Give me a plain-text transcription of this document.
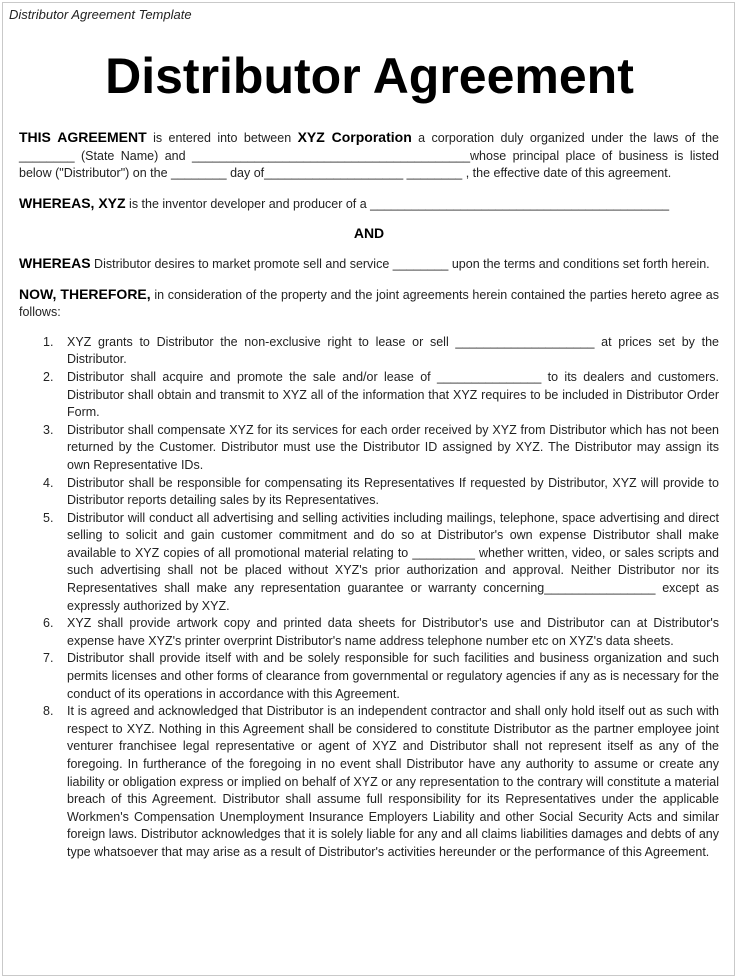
Distributor Agreement Template
Distributor Agreement

THIS AGREEMENT is entered into between XYZ Corporation a corporation duly organized under the laws of the ________ (State Name) and ________________________________________whose principal place of business is listed below ("Distributor") on the ________ day of____________________ ________ , the effective date of this agreement.

WHEREAS, XYZ is the inventor developer and producer of a ___________________________________________

AND

WHEREAS Distributor desires to market promote sell and service ________ upon the terms and conditions set forth herein.

NOW, THEREFORE, in consideration of the property and the joint agreements herein contained the parties hereto agree as follows:

1. XYZ grants to Distributor the non-exclusive right to lease or sell ____________________ at prices set by the Distributor.

2. Distributor shall acquire and promote the sale and/or lease of _______________ to its dealers and customers. Distributor shall obtain and transmit to XYZ all of the information that XYZ requires to be included in Distributor Order Form.

3. Distributor shall compensate XYZ for its services for each order received by XYZ from Distributor which has not been returned by the Customer. Distributor must use the Distributor ID assigned by XYZ. The Distributor may assign its own Representative IDs.

4. Distributor shall be responsible for compensating its Representatives If requested by Distributor, XYZ will provide to Distributor reports detailing sales by its Representatives.

5. Distributor will conduct all advertising and selling activities including mailings, telephone, space advertising and direct selling to solicit and gain customer commitment and do so at Distributor's own expense Distributor shall make available to XYZ copies of all promotional material relating to _________ whether written, video, or sales scripts and such advertising shall not be placed without XYZ's prior authorization and approval. Neither Distributor nor its Representatives shall make any representation guarantee or warranty concerning________________ except as expressly authorized by XYZ.

6. XYZ shall provide artwork copy and printed data sheets for Distributor's use and Distributor can at Distributor's expense have XYZ's printer overprint Distributor's name address telephone number etc on XYZ's data sheets.

7. Distributor shall provide itself with and be solely responsible for such facilities and business organization and such permits licenses and other forms of clearance from governmental or regulatory agencies if any as is necessary for the conduct of its operations in accordance with this Agreement.

8. It is agreed and acknowledged that Distributor is an independent contractor and shall only hold itself out as such with respect to XYZ. Nothing in this Agreement shall be considered to constitute Distributor as the partner employee joint venturer franchisee legal representative or agent of XYZ and Distributor shall not represent itself as any of the foregoing. In furtherance of the foregoing in no event shall Distributor have any authority to assume or create any liability or obligation express or implied on behalf of XYZ or any representation to the contrary will constitute a material breach of this Agreement. Distributor shall assume full responsibility for its Representatives under the applicable Workmen's Compensation Unemployment Insurance Employers Liability and other Social Security Acts and similar foreign laws. Distributor acknowledges that it is solely liable for any and all claims liabilities damages and debts of any type whatsoever that may arise as a result of Distributor's activities hereunder or the performance of this Agreement.
